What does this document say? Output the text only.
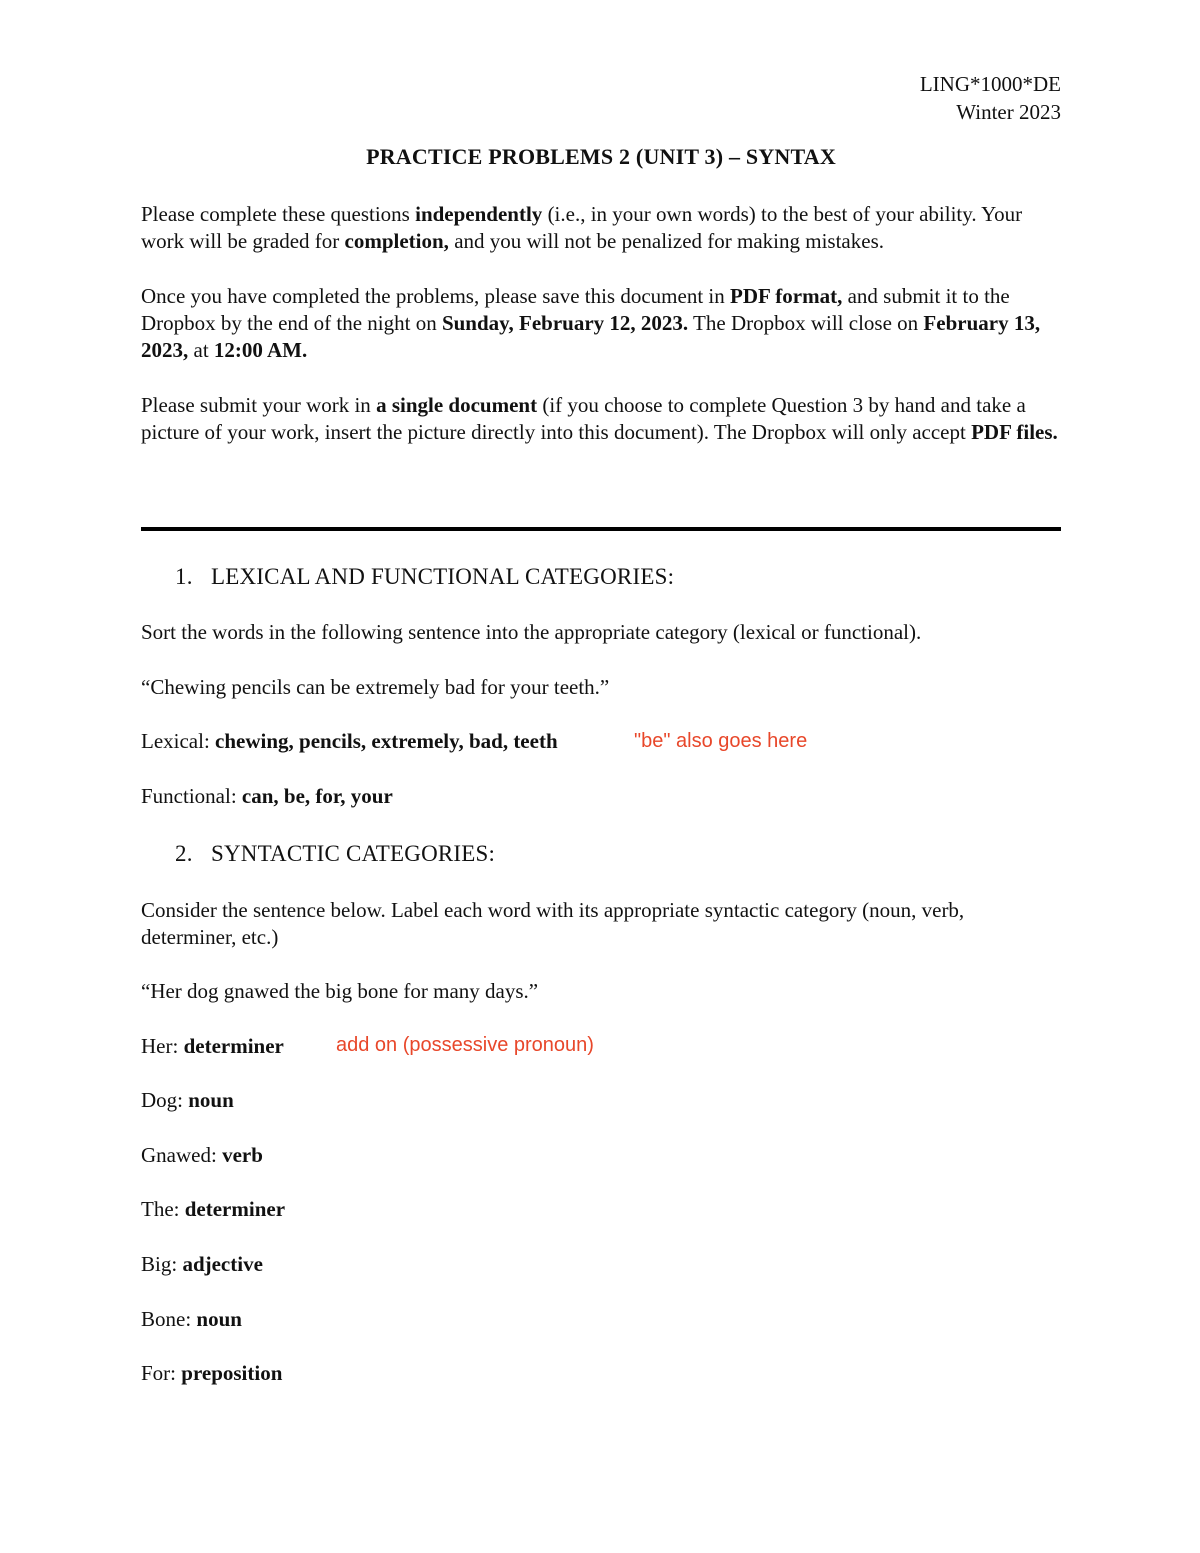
LING*1000*DE
Winter 2023
PRACTICE PROBLEMS 2 (UNIT 3) – SYNTAX

Please complete these questions independently (i.e., in your own words) to the best of your ability. Your work will be graded for completion, and you will not be penalized for making mistakes.

Once you have completed the problems, please save this document in PDF format, and submit it to the Dropbox by the end of the night on Sunday, February 12, 2023. The Dropbox will close on February 13, 2023, at 12:00 AM.

Please submit your work in a single document (if you choose to complete Question 3 by hand and take a picture of your work, insert the picture directly into this document). The Dropbox will only accept PDF files.

1. LEXICAL AND FUNCTIONAL CATEGORIES:
Sort the words in the following sentence into the appropriate category (lexical or functional).
“Chewing pencils can be extremely bad for your teeth.”
Lexical: chewing, pencils, extremely, bad, teeth	"be" also goes here
Functional: can, be, for, your
2. SYNTACTIC CATEGORIES:

Consider the sentence below. Label each word with its appropriate syntactic category (noun, verb, determiner, etc.)

“Her dog gnawed the big bone for many days.”
Her: determiner	add on (possessive pronoun)
Dog: noun
Gnawed: verb
The: determiner
Big: adjective
Bone: noun
For: preposition
